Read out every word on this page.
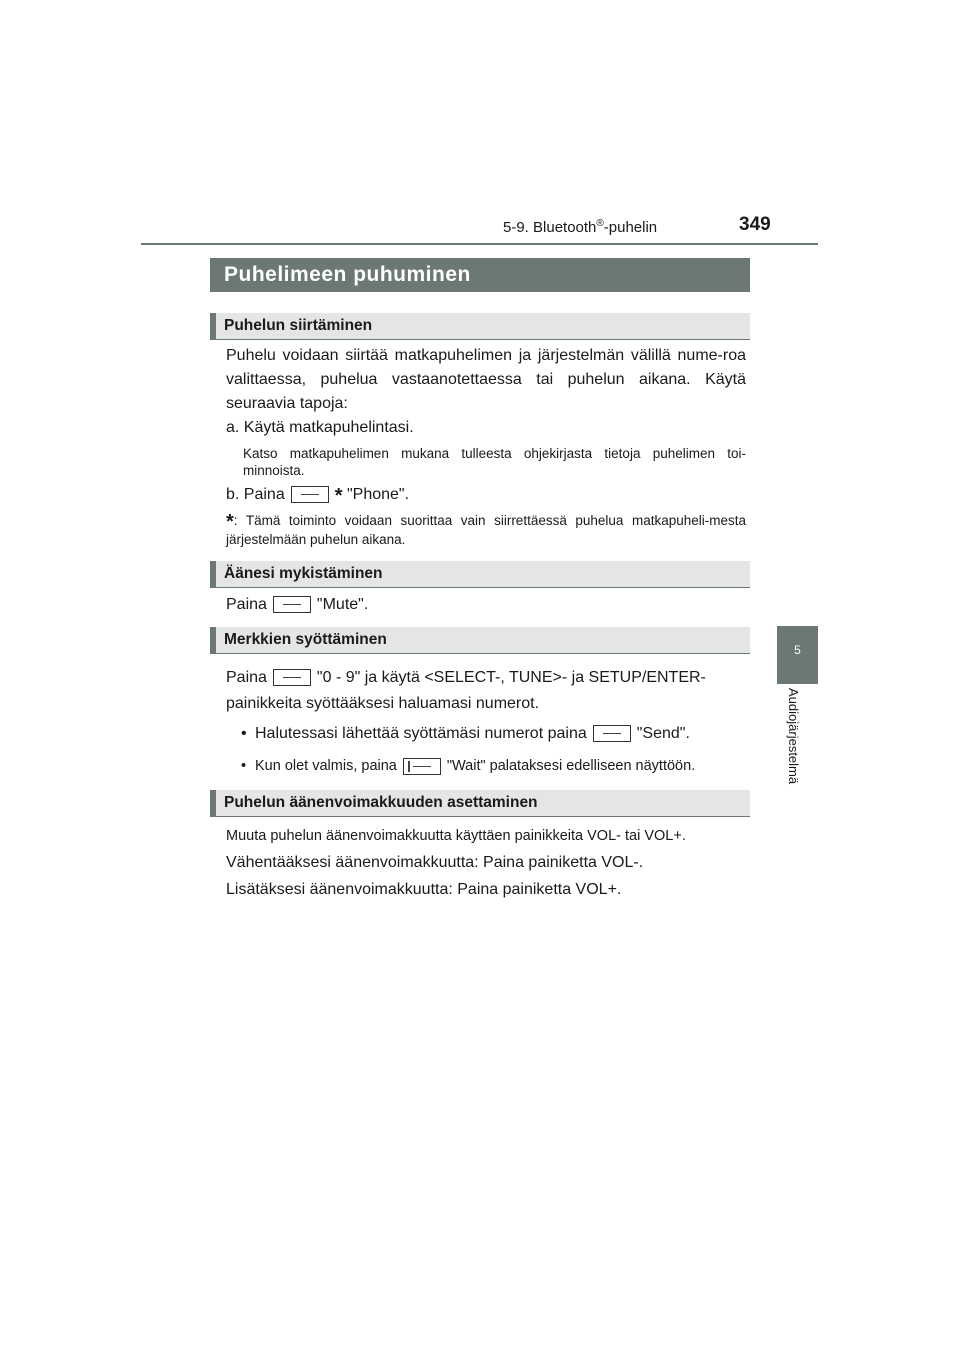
5-9. Bluetooth®-puhelin	349
5
Audiojärjestelmä
Puhelimeen puhuminen
Puhelun siirtäminen
Puhelu voidaan siirtää matkapuhelimen ja järjestelmän välillä nume-roa valittaessa, puhelua vastaanotettaessa tai puhelun aikana. Käytä seuraavia tapoja:
a. Käytä matkapuhelintasi.
Katso matkapuhelimen mukana tulleesta ohjekirjasta tietoja puhelimen toi-minnoista.
b. Paina	* "Phone".
*: Tämä toiminto voidaan suorittaa vain siirrettäessä puhelua matkapuheli-mesta järjestelmään puhelun aikana.
Äänesi mykistäminen
Paina	"Mute".
Merkkien syöttäminen
Paina	"0 - 9" ja käytä <SELECT-, TUNE>- ja SETUP/ENTER-
painikkeita syöttääksesi haluamasi numerot.
• Halutessasi lähettää syöttämäsi numerot paina	"Send".
• Kun olet valmis, paina	"Wait" palataksesi edelliseen näyttöön.
Puhelun äänenvoimakkuuden asettaminen
Muuta puhelun äänenvoimakkuutta käyttäen painikkeita VOL- tai VOL+.
Vähentääksesi äänenvoimakkuutta: Paina painiketta VOL-.
Lisätäksesi äänenvoimakkuutta: Paina painiketta VOL+.
